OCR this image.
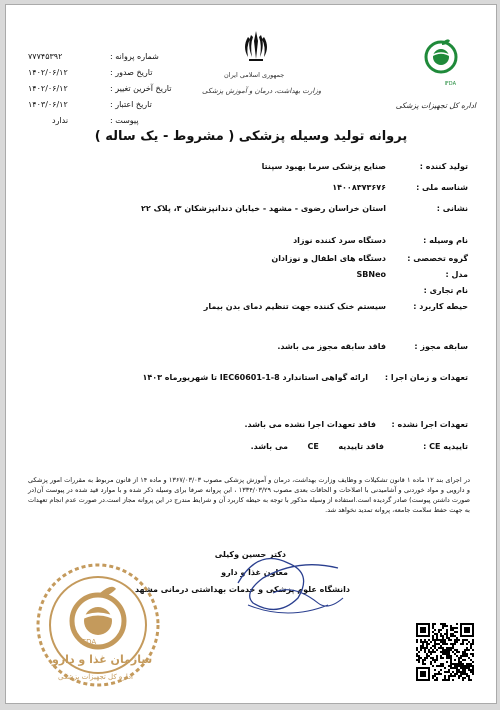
شماره پروانه :
۷۷۷۴۵۳۹۲
تاریخ صدور :
۱۴۰۲/۰۶/۱۲
تاریخ آخرین تغییر :
۱۴۰۲/۰۶/۱۲
تاریخ اعتبار :
۱۴۰۳/۰۶/۱۲
پیوست :
ندارد
جمهوری اسلامی ایران
وزارت بهداشت، درمان و آموزش پزشکی
IFDA
اداره کل تجهیزات پزشکی
پروانه تولید وسیله پزشکی ( مشروط - یک ساله )
تولید کننده :
صنایع پزشکی سرما بهبود سپنتا
شناسه ملی :
۱۴۰۰۸۳۷۳۶۷۶
نشانی :
استان خراسان رضوی - مشهد - خیابان دندانپزشکان ۳، پلاک ۲۲
نام وسیله :
دستگاه سرد کننده نوزاد
گروه تخصصی :
دستگاه های اطفال و نوزادان
مدل :
SBNeo
نام تجاری :
حیطه کاربرد :
سیستم خنک کننده جهت تنظیم دمای بدن بیمار
سابقه مجوز :
فاقد سابقه مجوز می باشد.
تعهدات و زمان اجرا :
ارائه گواهی استاندارد IEC60601-1-8 تا شهریورماه ۱۴۰۳
تعهدات اجرا نشده :
فاقد تعهدات اجرا نشده می باشد.
تاییدیه CE :
فاقد تاییدیه       CE       می باشد.
در اجرای بند ۱۲ ماده ۱ قانون تشکیلات و وظایف وزارت بهداشت، درمان و آموزش پزشکی مصوب ۱۳۶۷/۰۳/۰۳ و ماده ۱۴ از قانون مربوط به مقررات امور پزشکی و دارویی و مواد خوردنی و آشامیدنی با اصلاحات و الحاقات بعدی مصوب ۱۳۳۴/۰۳/۲۹ ، این پروانه صرفا برای وسیله ذکر شده و با موارد قید شده در پیوست آن(در صورت داشتن پیوست) صادر گردیده است.استفاده از وسیله مذکور با توجه به حیطه کاربرد آن و شرایط مندرج در این پروانه مجاز است.در صورت عدم انجام تعهدات به جهت حفظ سلامت جامعه، پروانه تمدید نخواهد شد.
دکتر حسین وکیلی
معاون غذا و دارو
دانشگاه علوم پزشکی و خدمات بهداشتی درمانی مشهد
IFDA
سازمان غذا و دارو
اداره کل تجهیزات پزشکی
